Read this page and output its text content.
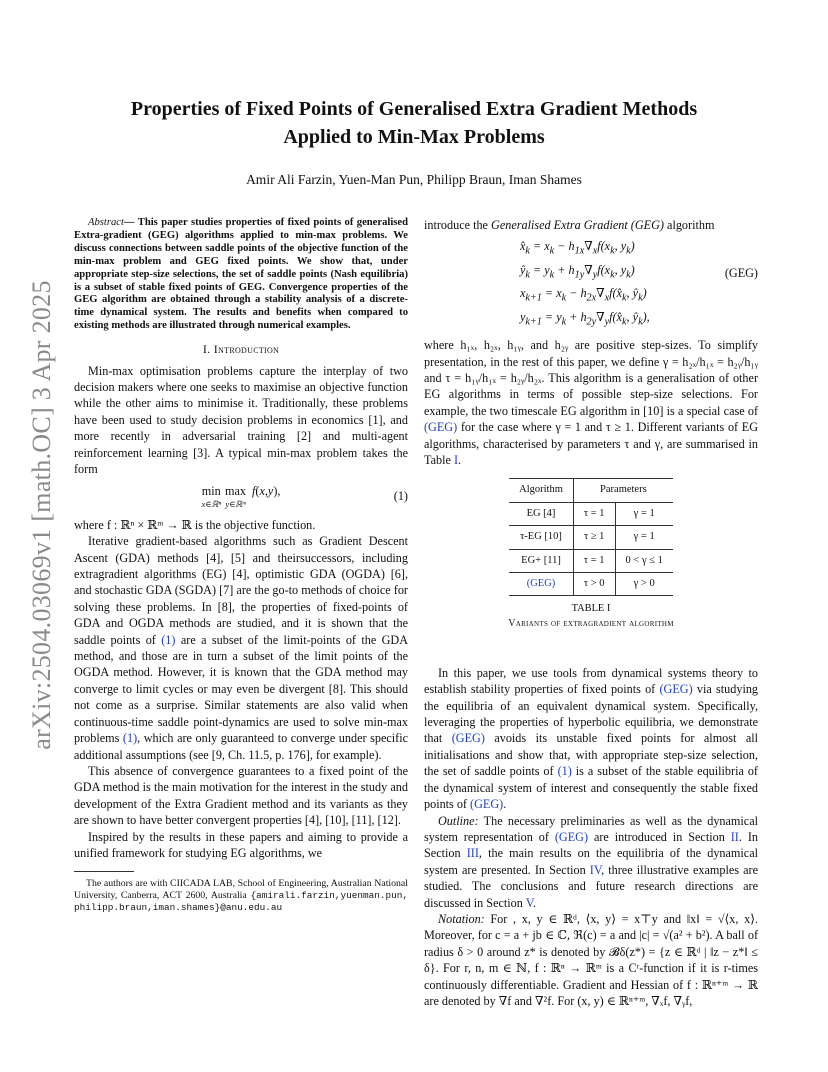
arXiv:2504.03069v1 [math.OC] 3 Apr 2025
Properties of Fixed Points of Generalised Extra Gradient Methods
Applied to Min-Max Problems
Amir Ali Farzin, Yuen-Man Pun, Philipp Braun, Iman Shames

Abstract— This paper studies properties of fixed points of generalised Extra-gradient (GEG) algorithms applied to min-max problems. We discuss connections between saddle points of the objective function of the min-max problem and GEG fixed points. We show that, under appropriate step-size selections, the set of saddle points (Nash equilibria) is a subset of stable fixed points of GEG. Convergence properties of the GEG algorithm are obtained through a stability analysis of a discrete-time dynamical system. The results and benefits when compared to existing methods are illustrated through numerical examples.

I. Introduction

Min-max optimisation problems capture the interplay of two decision makers where one seeks to maximise an objective function while the other aims to minimise it. Traditionally, these problems have been used to study decision problems in economics [1], and more recently in adversarial training [2] and multi-agent reinforcement learning [3]. A typical min-max problem takes the form

min
x∈ℝⁿ
max
y∈ℝᵐ
f ( x , y ),	(1)

where f : ℝⁿ × ℝᵐ → ℝ is the objective function.

Iterative gradient-based algorithms such as Gradient Descent Ascent (GDA) methods [4], [5] and theirsuccessors, including extragradient algorithms (EG) [4], optimistic GDA (OGDA) [6], and stochastic GDA (SGDA) [7] are the go-to methods of choice for solving these problems. In [8], the properties of fixed-points of GDA and OGDA methods are studied, and it is shown that the saddle points of (1) are a subset of the limit-points of the GDA method, and those are in turn a subset of the limit points of the OGDA method. However, it is known that the GDA method may converge to limit cycles or may even be divergent [8]. This should not come as a surprise. Similar statements are also valid when continuous-time saddle point-dynamics are used to solve min-max problems (1), which are only guaranteed to converge under specific additional assumptions (see [9, Ch. 11.5, p. 176], for example).

This absence of convergence guarantees to a fixed point of the GDA method is the main motivation for the interest in the study and development of the Extra Gradient method and its variants as they are shown to have better convergent properties [4], [10], [11], [12].

Inspired by the results in these papers and aiming to provide a unified framework for studying EG algorithms, we

The authors are with CIICADA LAB, School of Engineering, Australian National University, Canberra, ACT 2600, Australia {amirali.farzin,yuenman.pun, philipp.braun,iman.shames}@anu.edu.au

introduce the Generalised Extra Gradient (GEG) algorithm

$x̂_k = x_k - h_{1x}\nabla_xf(x_k$, $y_k$)
$ŷ_k = y_k + h_{1y}\nabla_yf(x_k$, $y_k$)
$x_{k+1} = x_k$ − $h_{2x}\nabla_xf(x̂_k$, $ŷ_k$)
$y_{k+1} = y_k$ + $h_{2y}\nabla_yf(x̂_k$, $ŷ_k$),
(GEG)

where h₁ₓ, h₂ₓ, h₁ᵧ, and h₂ᵧ are positive step-sizes. To simplify presentation, in the rest of this paper, we define γ = h₂ₓ/h₁ₓ = h₂ᵧ/h₁ᵧ and τ = h₁ᵧ/h₁ₓ = h₂ᵧ/h₂ₓ. This algorithm is a generalisation of other EG algorithms in terms of possible step-size selections. For example, the two timescale EG algorithm in [10] is a special case of (GEG) for the case where γ = 1 and τ ≥ 1. Different variants of EG algorithms, characterised by parameters τ and γ, are summarised in Table I.

Algorithm	Parameters	
EG [4]	τ = 1	γ = 1
τ-EG [10]	τ ≥ 1	γ = 1
EG+ [11]	τ = 1	0 < γ ≤ 1
(GEG)	τ > 0	γ > 0
TABLE I
Variants of extragradient algorithm

In this paper, we use tools from dynamical systems theory to establish stability properties of fixed points of (GEG) via studying the equilibria of an equivalent dynamical system. Specifically, leveraging the properties of hyperbolic equilibria, we demonstrate that (GEG) avoids its unstable fixed points for almost all initialisations and show that, with appropriate step-size selection, the set of saddle points of (1) is a subset of the stable equilibria of the dynamical system of interest and consequently the stable fixed points of (GEG).

Outline: The necessary preliminaries as well as the dynamical system representation of (GEG) are introduced in Section II. In Section III, the main results on the equilibria of the dynamical system are presented. In Section IV, three illustrative examples are studied. The conclusions and future research directions are discussed in Section V.

Notation: For , x, y ∈ ℝᵈ, ⟨x, y⟩ = x⊤y and ‖x‖ = √⟨x, x⟩. Moreover, for c = a + jb ∈ ℂ, ℜ(c) = a and |c| = √(a² + b²). A ball of radius δ > 0 around z* is denoted by 𝓑δ(z*) = {z ∈ ℝᵈ | ‖z − z*‖ ≤ δ}. For r, n, m ∈ ℕ, f : ℝⁿ → ℝᵐ is a Cʳ-function if it is r-times continuously differentiable. Gradient and Hessian of f : ℝⁿ⁺ᵐ → ℝ are denoted by ∇f and ∇²f. For (x, y) ∈ ℝⁿ⁺ᵐ, ∇ₓf, ∇ᵧf,
